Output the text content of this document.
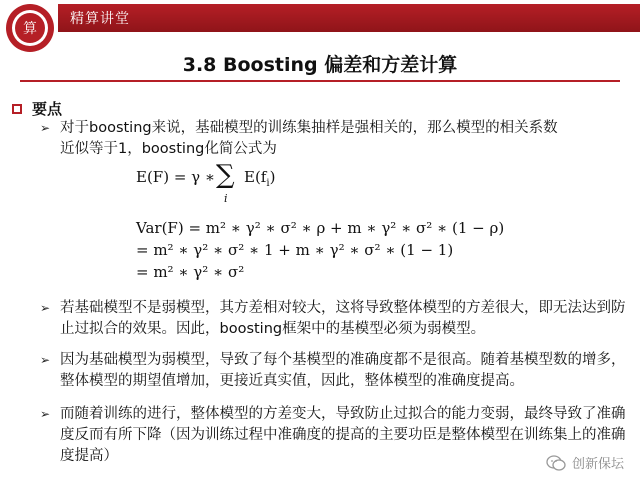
算
精算讲堂
3.8 Boosting 偏差和方差计算
要点
➢ 对于boosting来说，基础模型的训练集抽样是强相关的，那么模型的相关系数近似等于1，boosting化简公式为
E(F) = γ ∗ ∑
i
$E(f_i)$
Var(F) = m² ∗ γ² ∗ σ² ∗ ρ + m ∗ γ² ∗ σ² ∗ (1 − ρ)
= m² ∗ γ² ∗ σ² ∗ 1 + m ∗ γ² ∗ σ² ∗ (1 − 1)
= m² ∗ γ² ∗ σ²
➢ 若基础模型不是弱模型，其方差相对较大，这将导致整体模型的方差很大，即无法达到防止过拟合的效果。因此，boosting框架中的基模型必须为弱模型。
➢ 因为基础模型为弱模型，导致了每个基模型的准确度都不是很高。随着基模型数的增多，整体模型的期望值增加，更接近真实值，因此，整体模型的准确度提高。
➢ 而随着训练的进行，整体模型的方差变大，导致防止过拟合的能力变弱，最终导致了准确度反而有所下降（因为训练过程中准确度的提高的主要功臣是整体模型在训练集上的准确度提高）
创新保坛
